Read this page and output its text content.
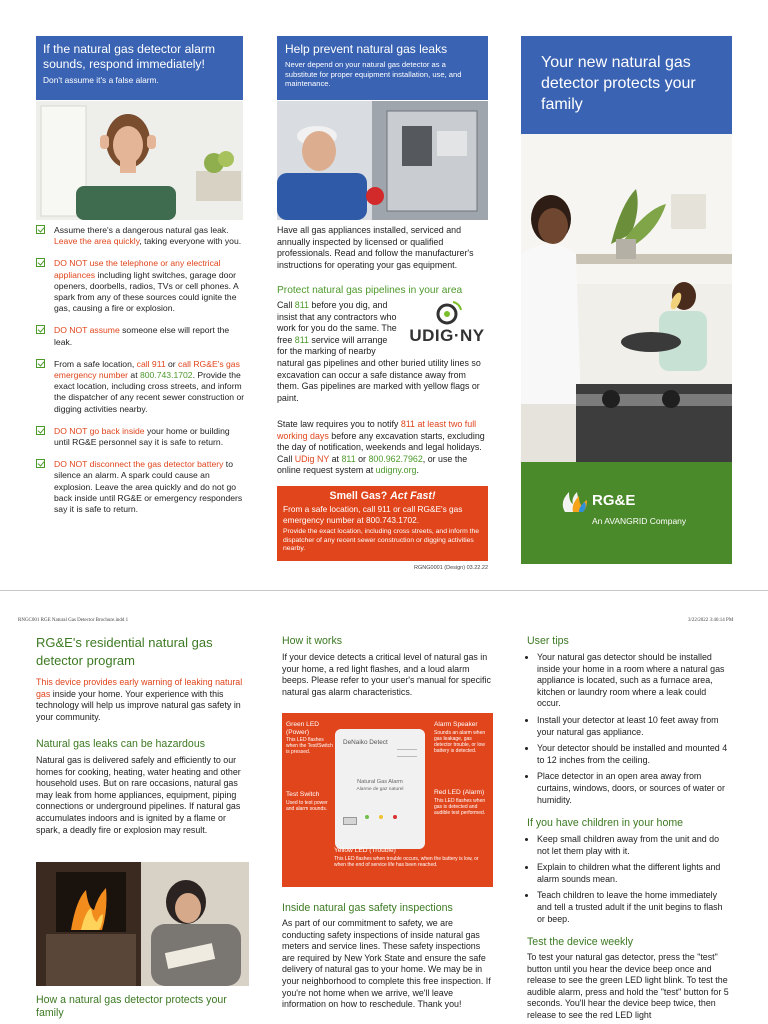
If the natural gas detector alarm sounds, respond immediately!
Don't assume it's a false alarm.
Assume there's a dangerous natural gas leak. Leave the area quickly, taking everyone with you.
DO NOT use the telephone or any electrical appliances including light switches, garage door openers, doorbells, radios, TVs or cell phones. A spark from any of these sources could ignite the gas, causing a fire or explosion.
DO NOT assume someone else will report the leak.
From a safe location, call 911 or call RG&E's gas emergency number at 800.743.1702. Provide the exact location, including cross streets, and inform the dispatcher of any recent sewer construction or digging activities nearby.
DO NOT go back inside your home or building until RG&E personnel say it is safe to return.
DO NOT disconnect the gas detector battery to silence an alarm. A spark could cause an explosion. Leave the area quickly and do not go back inside until RG&E or emergency responders say it is safe to return.
Help prevent natural gas leaks
Never depend on your natural gas detector as a substitute for proper equipment installation, use, and maintenance.
Have all gas appliances installed, serviced and annually inspected by licensed or qualified professionals. Read and follow the manufacturer's instructions for operating your gas equipment.
Protect natural gas pipelines in your area
UDIG·NY
Call 811 before you dig, and insist that any contractors who work for you do the same. The free 811 service will arrange for the marking of nearby natural gas pipelines and other buried utility lines so excavation can occur a safe distance away from them. Gas pipelines are marked with yellow flags or paint.
State law requires you to notify 811 at least two full working days before any excavation starts, excluding the day of notification, weekends and legal holidays. Call UDig NY at 811 or 800.962.7962, or use the online request system at udigny.org.
Smell Gas? Act Fast!
From a safe location, call 911 or call RG&E's gas emergency number at 800.743.1702.
Provide the exact location, including cross streets, and inform the dispatcher of any recent sewer construction or digging activities nearby.
RGNG0001 (Design) 03.22.22
Your new natural gas detector protects your family
RG&E
An AVANGRID Company
RNGC001 RGE Natural Gas Detector Brochure.indd 1	3/22/2022 3:46:14 PM
RG&E's residential natural gas detector program
This device provides early warning of leaking natural gas inside your home. Your experience with this technology will help us improve natural gas safety in your community.
Natural gas leaks can be hazardous
Natural gas is delivered safely and efficiently to our homes for cooking, heating, water heating and other household uses. But on rare occasions, natural gas may leak from home appliances, equipment, piping connections or underground pipelines. If natural gas accumulates indoors and is ignited by a flame or spark, a deadly fire or explosion may result.
How a natural gas detector protects your family
How it works
If your device detects a critical level of natural gas in your home, a red light flashes, and a loud alarm beeps. Please refer to your user's manual for specific natural gas alarm characteristics.
DeNaiko Detect
Natural Gas Alarm
Alarme de gaz naturel
Green LED (Power)
This LED flashes when the Test/Switch is pressed.
Test Switch
Used to test power and alarm sounds.
Alarm Speaker
Sounds an alarm when gas leakage, gas detector trouble, or low battery is detected.
Red LED (Alarm)
This LED flashes when gas is detected and audible test performed.
Yellow LED (Trouble)
This LED flashes when trouble occurs, when the battery is low, or when the end of service life has been reached.
Inside natural gas safety inspections
As part of our commitment to safety, we are conducting safety inspections of inside natural gas meters and service lines. These safety inspections are required by New York State and ensure the safe delivery of natural gas to your home. We may be in your neighborhood to complete this free inspection. If you're not home when we arrive, we'll leave information on how to reschedule. Thank you!
User tips
• Your natural gas detector should be installed inside your home in a room where a natural gas appliance is located, such as a furnace area, kitchen or laundry room where a leak could occur.
• Install your detector at least 10 feet away from your natural gas appliance.
• Your detector should be installed and mounted 4 to 12 inches from the ceiling.
• Place detector in an open area away from curtains, windows, doors, or sources of water or humidity.
If you have children in your home
• Keep small children away from the unit and do not let them play with it.
• Explain to children what the different lights and alarm sounds mean.
• Teach children to leave the home immediately and tell a trusted adult if the unit begins to flash or beep.
Test the device weekly
To test your natural gas detector, press the "test" button until you hear the device beep once and release to see the green LED light blink. To test the audible alarm, press and hold the "test" button for 5 seconds. You'll hear the device beep twice, then release to see the red LED light
